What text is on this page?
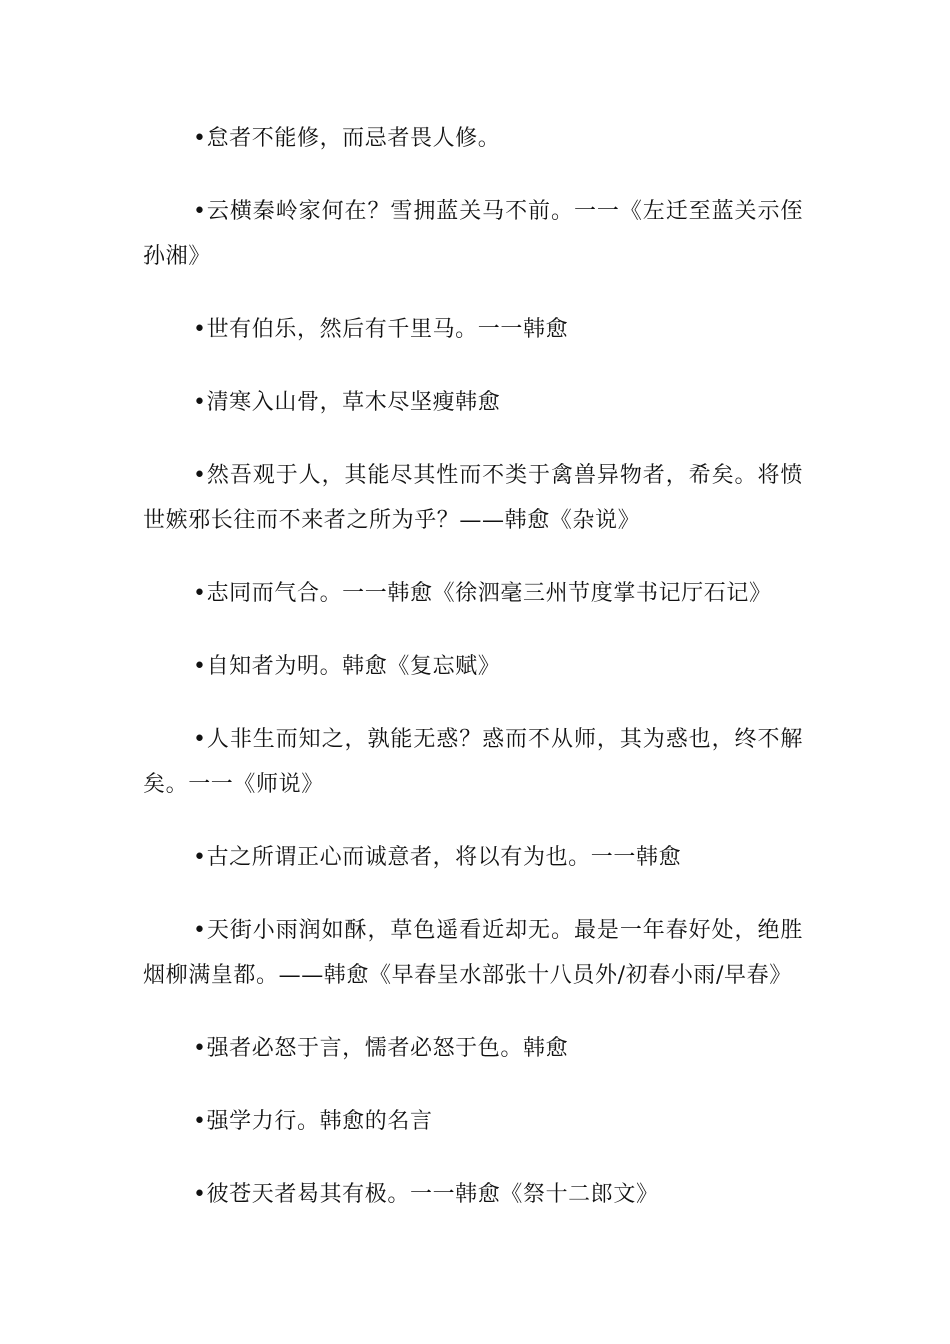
•怠者不能修，而忌者畏人修。

•云横秦岭家何在？雪拥蓝关马不前。一一《左迁至蓝关示侄孙湘》

•世有伯乐，然后有千里马。一一韩愈

•清寒入山骨，草木尽坚瘦韩愈

•然吾观于人，其能尽其性而不类于禽兽异物者，希矣。将愤世嫉邪长往而不来者之所为乎？——韩愈《杂说》

•志同而气合。一一韩愈《徐泗毫三州节度掌书记厅石记》

•自知者为明。韩愈《复忘赋》

•人非生而知之，孰能无惑？惑而不从师，其为惑也，终不解矣。一一《师说》

•古之所谓正心而诚意者，将以有为也。一一韩愈

•天街小雨润如酥，草色遥看近却无。最是一年春好处，绝胜烟柳满皇都。——韩愈《早春呈水部张十八员外/初春小雨/早春》

•强者必怒于言，懦者必怒于色。韩愈

•强学力行。韩愈的名言

•彼苍天者曷其有极。一一韩愈《祭十二郎文》
